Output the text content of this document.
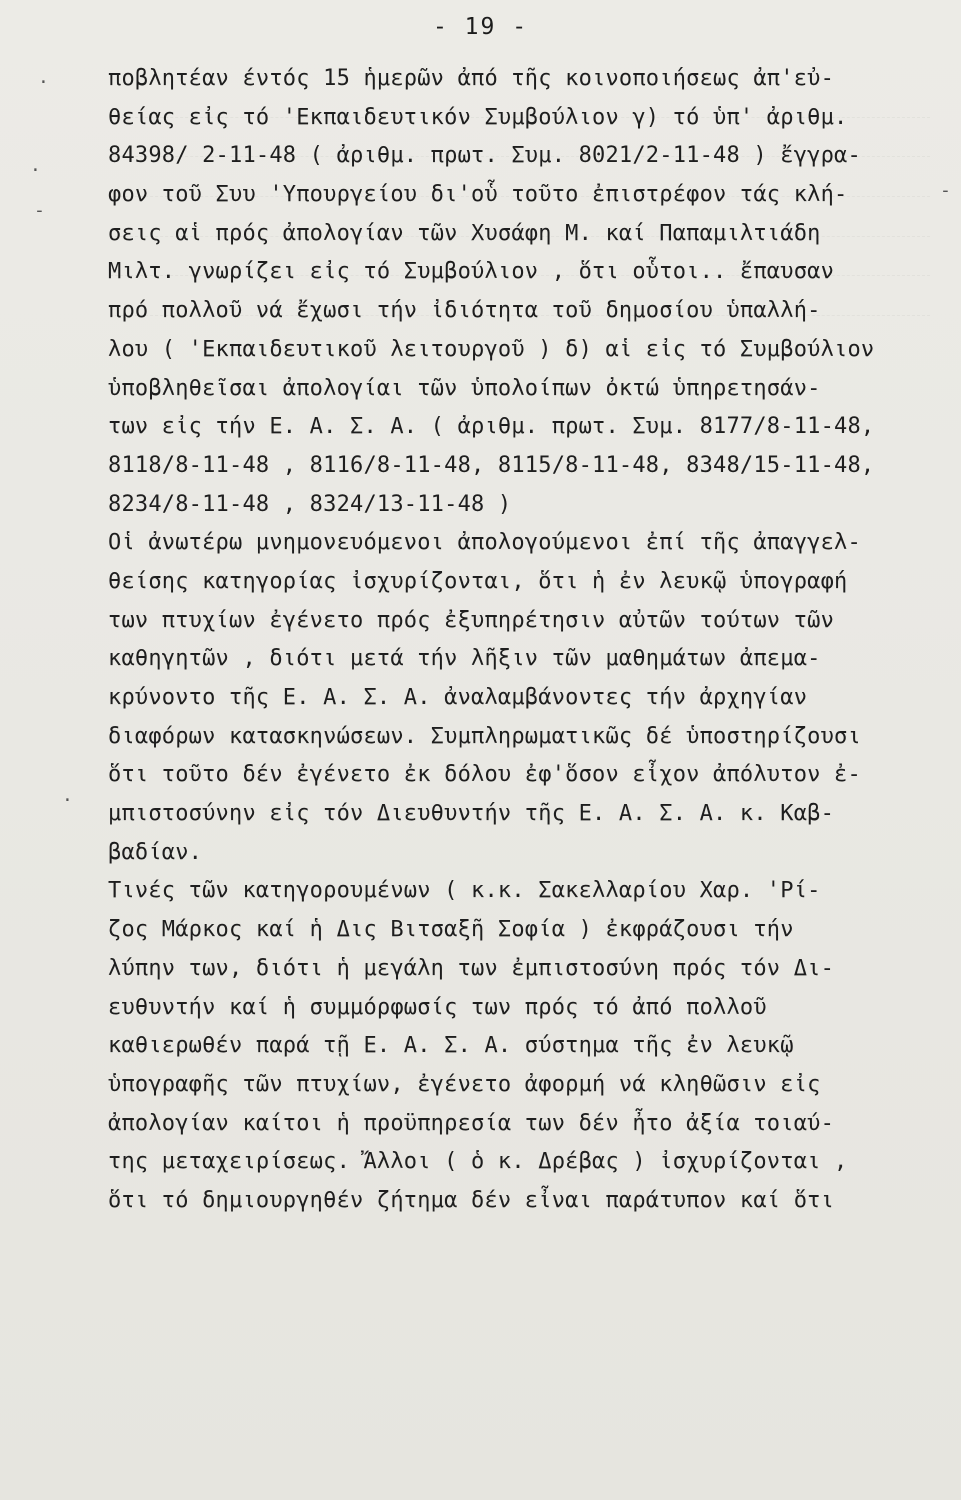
- 19 -
ποβλητέαν έντός 15 ἡμερῶν ἀπό τῆς κοινοποιήσεως ἀπ'εὐ-
θείας εἰς τό 'Εκπαιδευτικόν Συμβούλιον γ) τό ὑπ' ἀριθμ.
84398/ 2-11-48 ( ἀριθμ. πρωτ. Συμ. 8021/2-11-48 ) ἔγγρα-
φον τοῦ Συυ 'Υπουργείου δι'οὗ τοῦτο ἐπιστρέφον τάς κλή-
σεις αἱ πρός ἀπολογίαν τῶν Χυσάφη Μ. καί Παπαμιλτιάδη
Μιλτ. γνωρίζει εἰς τό Συμβούλιον , ὅτι οὗτοι.. ἔπαυσαν
πρό πολλοῦ νά ἔχωσι τήν ἰδιότητα τοῦ δημοσίου ὑπαλλή-
λου ( 'Εκπαιδευτικοῦ λειτουργοῦ ) δ) αἱ εἰς τό Συμβούλιον
ὑποβληθεῖσαι ἀπολογίαι τῶν ὑπολοίπων ὀκτώ ὑπηρετησάν-
των εἰς τήν Ε. Α. Σ. Α. ( ἀριθμ. πρωτ. Συμ. 8177/8-11-48,
8118/8-11-48 , 8116/8-11-48, 8115/8-11-48, 8348/15-11-48,
8234/8-11-48 , 8324/13-11-48 )
Οἱ ἀνωτέρω μνημονευόμενοι ἀπολογούμενοι ἐπί τῆς ἀπαγγελ-
θείσης κατηγορίας ἰσχυρίζονται, ὅτι ἡ ἐν λευκῷ ὑπογραφή
των πτυχίων ἐγένετο πρός ἐξυπηρέτησιν αὐτῶν τούτων τῶν
καθηγητῶν , διότι μετά τήν λῆξιν τῶν μαθημάτων ἀπεμα-
κρύνοντο τῆς Ε. Α. Σ. Α. ἀναλαμβάνοντες τήν ἀρχηγίαν
διαφόρων κατασκηνώσεων. Συμπληρωματικῶς δέ ὑποστηρίζουσι
ὅτι τοῦτο δέν ἐγένετο ἐκ δόλου ἐφ'ὅσον εἶχον ἀπόλυτον ἐ-
μπιστοσύνην εἰς τόν Διευθυντήν τῆς Ε. Α. Σ. Α. κ. Καβ-
βαδίαν.
Τινές τῶν κατηγορουμένων ( κ.κ. Σακελλαρίου Χαρ. 'Ρί-
ζος Μάρκος καί ἡ Δις Βιτσαξῆ Σοφία ) ἐκφράζουσι τήν
λύπην των, διότι ἡ μεγάλη των ἐμπιστοσύνη πρός τόν Δι-
ευθυντήν καί ἡ συμμόρφωσίς των πρός τό ἀπό πολλοῦ
καθιερωθέν παρά τῇ Ε. Α. Σ. Α. σύστημα τῆς ἐν λευκῷ
ὑπογραφῆς τῶν πτυχίων, ἐγένετο ἀφορμή νά κληθῶσιν εἰς
ἀπολογίαν καίτοι ἡ προϋπηρεσία των δέν ἦτο ἀξία τοιαύ-
της μεταχειρίσεως. Ἄλλοι ( ὁ κ. Δρέβας ) ἰσχυρίζονται ,
ὅτι τό δημιουργηθέν ζήτημα δέν εἶναι παράτυπον καί ὅτι
·
·
-
·
-
